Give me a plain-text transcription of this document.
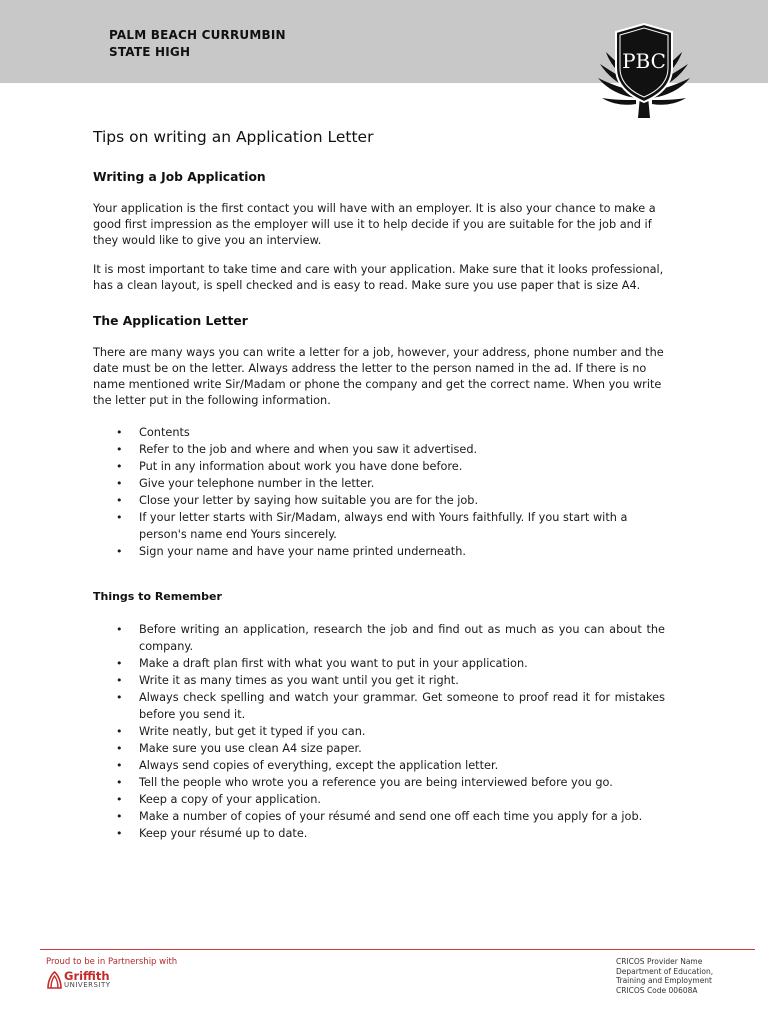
PALM BEACH CURRUMBIN
STATE HIGH	PBC
Tips on writing an Application Letter
Writing a Job Application

Your application is the first contact you will have with an employer. It is also your chance to make a good first impression as the employer will use it to help decide if you are suitable for the job and if they would like to give you an interview.

It is most important to take time and care with your application. Make sure that it looks professional, has a clean layout, is spell checked and is easy to read. Make sure you use paper that is size A4.

The Application Letter

There are many ways you can write a letter for a job, however, your address, phone number and the date must be on the letter. Always address the letter to the person named in the ad. If there is no name mentioned write Sir/Madam or phone the company and get the correct name. When you write the letter put in the following information.

• Contents
• Refer to the job and where and when you saw it advertised.
• Put in any information about work you have done before.
• Give your telephone number in the letter.
• Close your letter by saying how suitable you are for the job.
• If your letter starts with Sir/Madam, always end with Yours faithfully. If you start with a person's name end Yours sincerely.
• Sign your name and have your name printed underneath.
Things to Remember
• Before writing an application, research the job and find out as much as you can about the company.
• Make a draft plan first with what you want to put in your application.
• Write it as many times as you want until you get it right.
• Always check spelling and watch your grammar. Get someone to proof read it for mistakes before you send it.
• Write neatly, but get it typed if you can.
• Make sure you use clean A4 size paper.
• Always send copies of everything, except the application letter.
• Tell the people who wrote you a reference you are being interviewed before you go.
• Keep a copy of your application.
• Make a number of copies of your résumé and send one off each time you apply for a job.
• Keep your résumé up to date.
Proud to be in Partnership with
Griffith
UNIVERSITY
CRICOS Provider Name
Department of Education,
Training and Employment
CRICOS Code 00608A
